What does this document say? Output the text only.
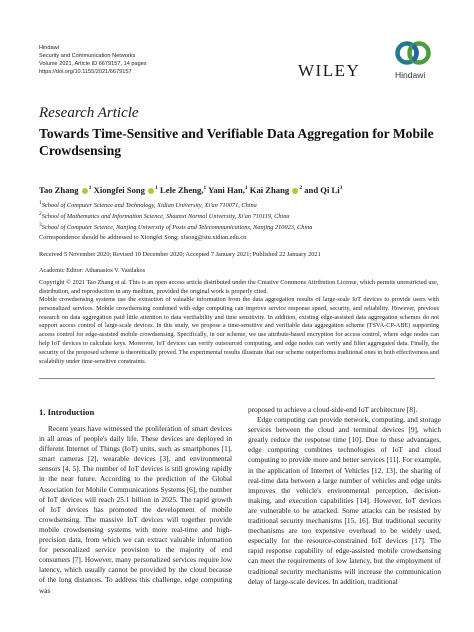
Hindawi
Security and Communication Networks
Volume 2021, Article ID 6679157, 14 pages
https://doi.org/10.1155/2021/6679157	WILEY	Hindawi
Research Article
Towards Time-Sensitive and Verifiable Data Aggregation for Mobile Crowdsensing
Tao Zhang $^1$ Xiongfei Song $^1$ Lele Zheng,$^1$ Yani Han,$^1$ Kai Zhang $^2$ and Qi Li$^3$
1School of Computer Science and Technology, Xidian University, Xi'an 710071, China
2School of Mathematics and Information Science, Shaanxi Normal University, Xi'an 710119, China
3School of Computer Science, Nanjing University of Posts and Telecommunications, Nanjing 210023, China
Correspondence should be addressed to Xiongfei Song; xfsong@stu.xidian.edu.cn
Received 5 November 2020; Revised 10 December 2020; Accepted 7 January 2021; Published 22 January 2021
Academic Editor: Athanasios V. Vasilakos
Copyright © 2021 Tao Zhang et al. This is an open access article distributed under the Creative Commons Attribution License, which permits unrestricted use, distribution, and reproduction in any medium, provided the original work is properly cited.
Mobile crowdsensing systems use the extraction of valuable information from the data aggregation results of large-scale IoT devices to provide users with personalized services. Mobile crowdsensing combined with edge computing can improve service response speed, security, and reliability. However, previous research on data aggregation paid little attention to data verifiability and time sensitivity. In addition, existing edge-assisted data aggregation schemes do not support access control of large-scale devices. In this study, we propose a time-sensitive and verifiable data aggregation scheme (TSVA-CP-ABE) supporting access control for edge-assisted mobile crowdsensing. Specifically, in our scheme, we use attribute-based encryption for access control, where edge nodes can help IoT devices to calculate keys. Moreover, IoT devices can verify outsourced computing, and edge nodes can verify and filter aggregated data. Finally, the security of the proposed scheme is theoretically proved. The experimental results illustrate that our scheme outperforms traditional ones in both effectiveness and scalability under time-sensitive constraints.
1. Introduction

Recent years have witnessed the proliferation of smart devices in all areas of people's daily life. These devices are deployed in different Internet of Things (IoT) units, such as smartphones [1], smart cameras [2], wearable devices [3], and environmental sensors [4, 5]. The number of IoT devices is still growing rapidly in the near future. According to the prediction of the Global Association for Mobile Communications Systems [6], the number of IoT devices will reach 25.1 billion in 2025. The rapid growth of IoT devices has promoted the development of mobile crowdsensing. The massive IoT devices will together provide mobile crowdsensing systems with more real-time and high-precision data, from which we can extract valuable information for personalized service provision to the majority of end consumers [7]. However, many personalized services require low latency, which usually cannot be provided by the cloud because of the long distances. To address this challenge, edge computing was

proposed to achieve a cloud-side-end IoT architecture [8].

Edge computing can provide network, computing, and storage services between the cloud and terminal devices [9], which greatly reduce the response time [10]. Due to these advantages, edge computing combines technologies of IoT and cloud computing to provide more and better services [11]. For example, in the application of Internet of Vehicles [12, 13], the sharing of real-time data between a large number of vehicles and edge units improves the vehicle's environmental perception, decision-making, and execution capabilities [14]. However, IoT devices are vulnerable to be attacked. Some attacks can be resisted by traditional security mechanisms [15, 16]. But traditional security mechanisms are too expensive overhead to be widely used, especially for the resource-constrained IoT devices [17]. The rapid response capability of edge-assisted mobile crowdsensing can meet the requirements of low latency, but the employment of traditional security mechanisms will increase the communication delay of large-scale devices. In addition, traditional
